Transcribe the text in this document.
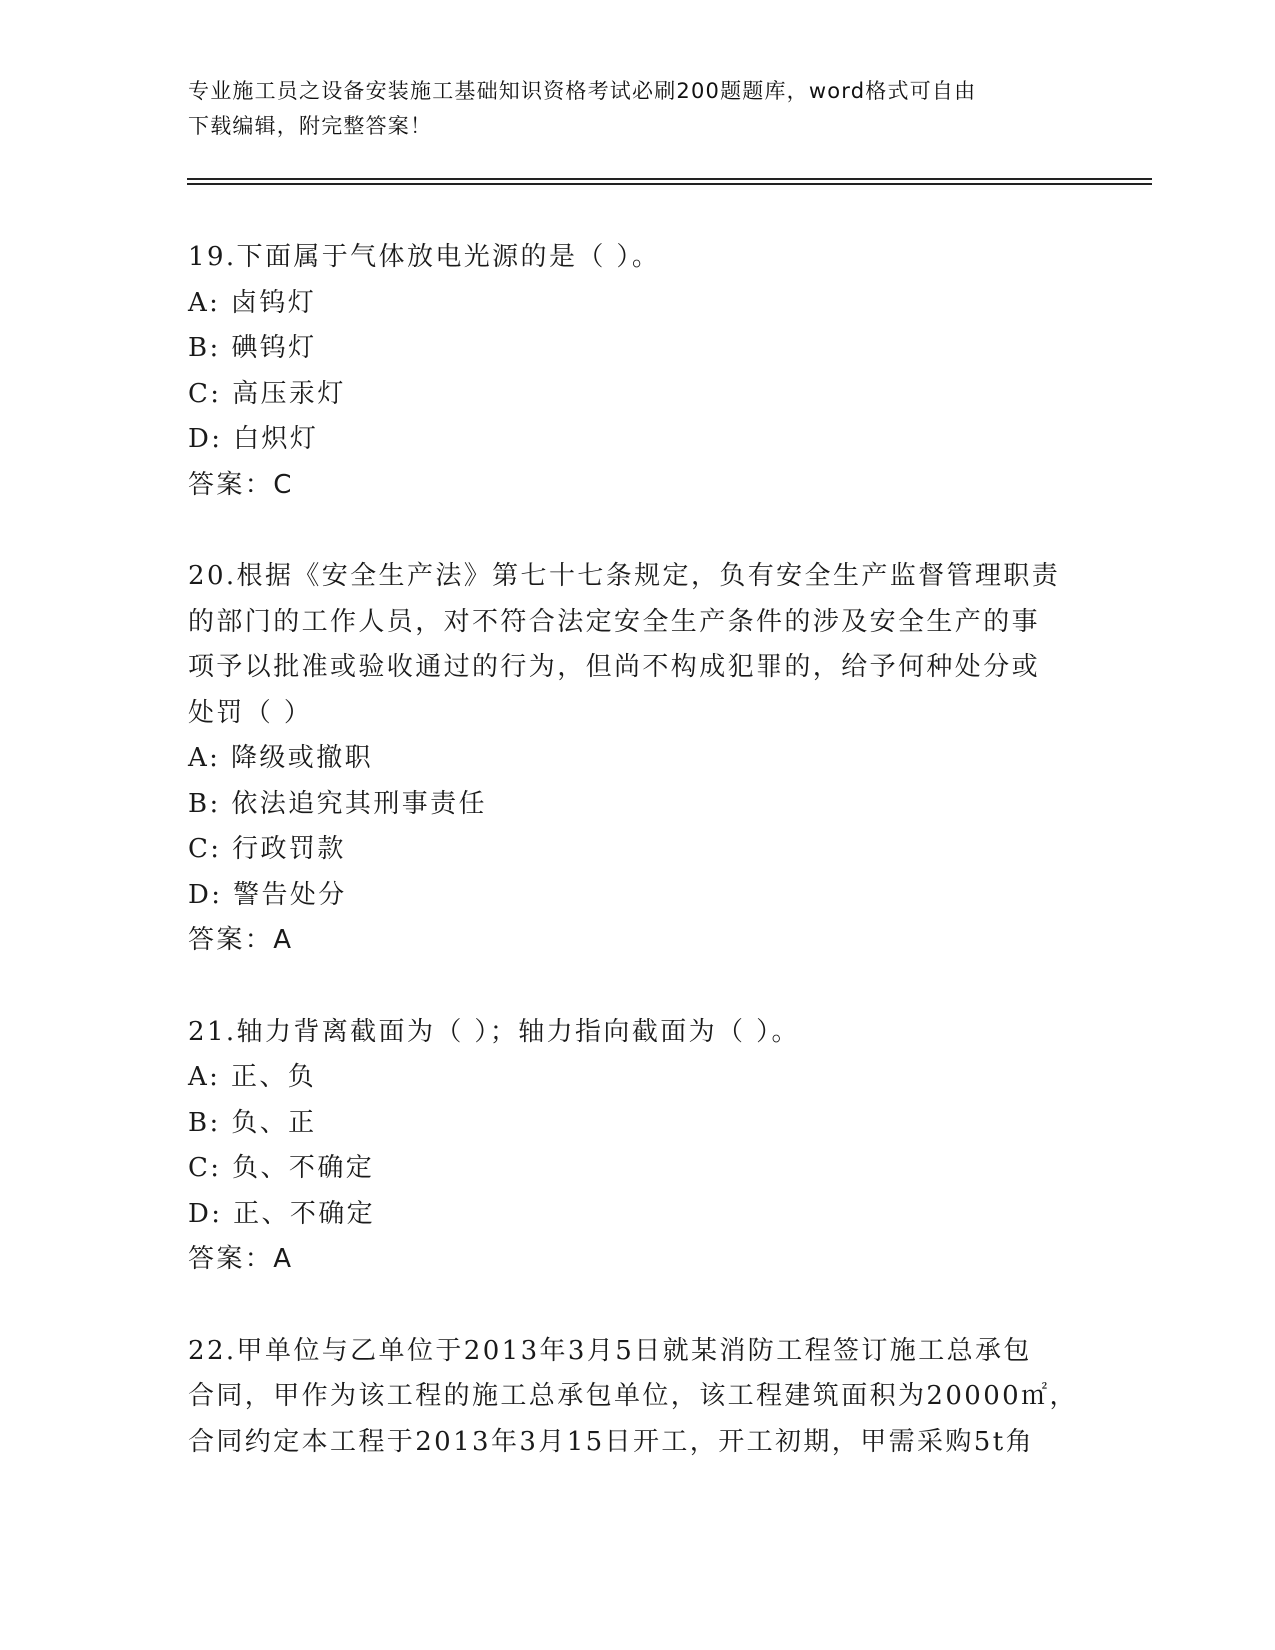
专业施工员之设备安装施工基础知识资格考试必刷200题题库，word格式可自由
下载编辑，附完整答案！
19.下面属于气体放电光源的是（ ）。
A: 卤钨灯
B: 碘钨灯
C: 高压汞灯
D: 白炽灯
答案：C
20.根据《安全生产法》第七十七条规定，负有安全生产监督管理职责
的部门的工作人员，对不符合法定安全生产条件的涉及安全生产的事
项予以批准或验收通过的行为，但尚不构成犯罪的，给予何种处分或
处罚（ ）
A: 降级或撤职
B: 依法追究其刑事责任
C: 行政罚款
D: 警告处分
答案：A
21.轴力背离截面为（ ）；轴力指向截面为（ ）。
A: 正、负
B: 负、正
C: 负、不确定
D: 正、不确定
答案：A
22.甲单位与乙单位于2013年3月5日就某消防工程签订施工总承包
合同，甲作为该工程的施工总承包单位，该工程建筑面积为20000㎡，
合同约定本工程于2013年3月15日开工，开工初期，甲需采购5t角
